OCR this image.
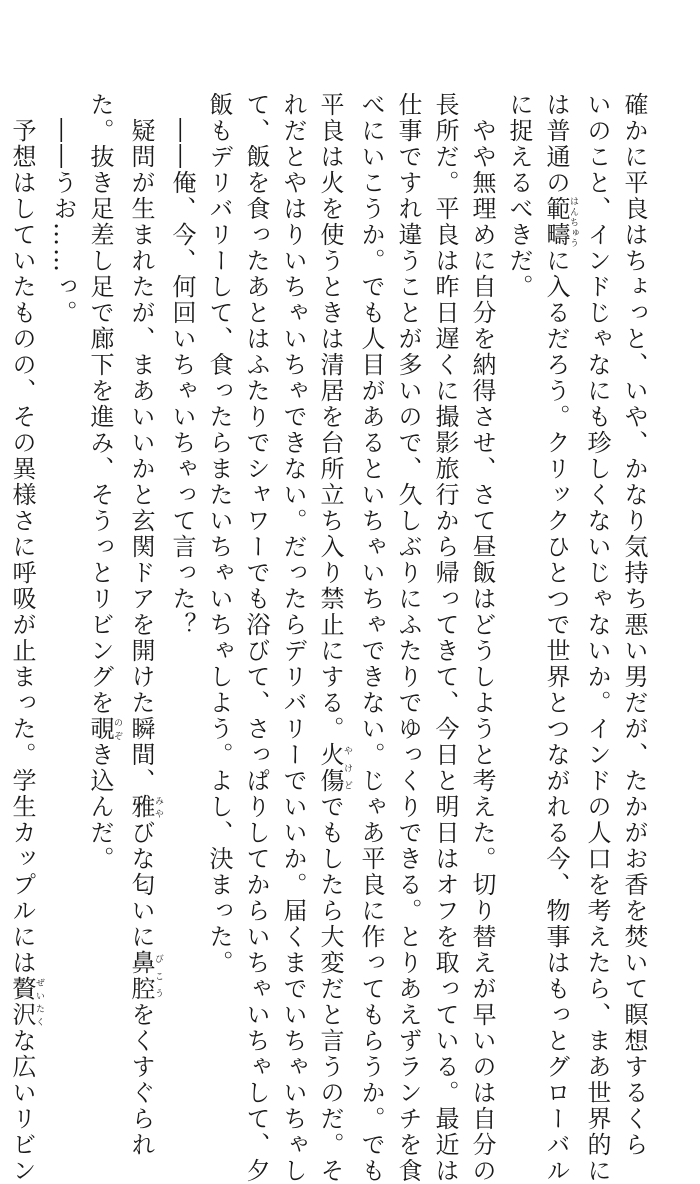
確かに平良はちょっと、いや、かなり気持ち悪い男だが、たかがお香を焚いて瞑想するくら
いのこと、インドじゃなにも珍しくないじゃないか。インドの人口を考えたら、まあ世界的に
は普通の範疇はんちゅうに入るだろう。クリックひとつで世界とつながれる今、物事はもっとグローバル
に捉えるべきだ。
　やや無理めに自分を納得させ、さて昼飯はどうしようと考えた。切り替えが早いのは自分の
長所だ。平良は昨日遅くに撮影旅行から帰ってきて、今日と明日はオフを取っている。最近は
仕事ですれ違うことが多いので、久しぶりにふたりでゆっくりできる。とりあえずランチを食
べにいこうか。でも人目があるといちゃいちゃできない。じゃあ平良に作ってもらうか。でも
平良は火を使うときは清居を台所立ち入り禁止にする。火傷やけどでもしたら大変だと言うのだ。そ
れだとやはりいちゃいちゃできない。だったらデリバリーでいいか。届くまでいちゃいちゃし
て、飯を食ったあとはふたりでシャワーでも浴びて、さっぱりしてからいちゃいちゃして、夕
飯もデリバリーして、食ったらまたいちゃいちゃしよう。よし、決まった。
　――俺、今、何回いちゃいちゃって言った？
　疑問が生まれたが、まあいいかと玄関ドアを開けた瞬間、雅みやびな匂いに鼻腔びこうをくすぐられ
た。抜き足差し足で廊下を進み、そうっとリビングを覗のぞき込んだ。
　――うお……っ。
　予想はしていたものの、その異様さに呼吸が止まった。学生カップルには贅沢ぜいたくな広いリビン
